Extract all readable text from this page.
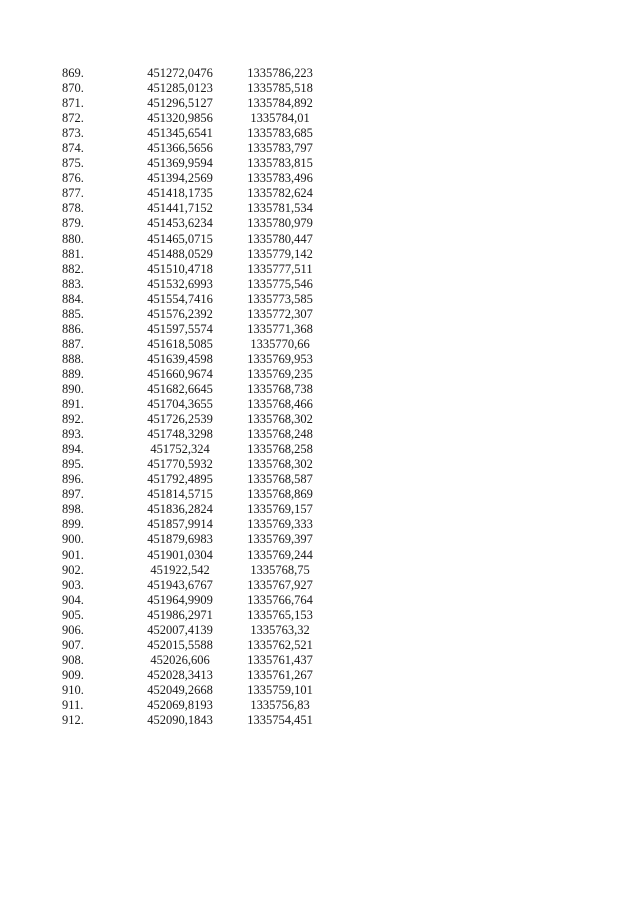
869.	451272,0476	1335786,223
870.	451285,0123	1335785,518
871.	451296,5127	1335784,892
872.	451320,9856	1335784,01
873.	451345,6541	1335783,685
874.	451366,5656	1335783,797
875.	451369,9594	1335783,815
876.	451394,2569	1335783,496
877.	451418,1735	1335782,624
878.	451441,7152	1335781,534
879.	451453,6234	1335780,979
880.	451465,0715	1335780,447
881.	451488,0529	1335779,142
882.	451510,4718	1335777,511
883.	451532,6993	1335775,546
884.	451554,7416	1335773,585
885.	451576,2392	1335772,307
886.	451597,5574	1335771,368
887.	451618,5085	1335770,66
888.	451639,4598	1335769,953
889.	451660,9674	1335769,235
890.	451682,6645	1335768,738
891.	451704,3655	1335768,466
892.	451726,2539	1335768,302
893.	451748,3298	1335768,248
894.	451752,324	1335768,258
895.	451770,5932	1335768,302
896.	451792,4895	1335768,587
897.	451814,5715	1335768,869
898.	451836,2824	1335769,157
899.	451857,9914	1335769,333
900.	451879,6983	1335769,397
901.	451901,0304	1335769,244
902.	451922,542	1335768,75
903.	451943,6767	1335767,927
904.	451964,9909	1335766,764
905.	451986,2971	1335765,153
906.	452007,4139	1335763,32
907.	452015,5588	1335762,521
908.	452026,606	1335761,437
909.	452028,3413	1335761,267
910.	452049,2668	1335759,101
911.	452069,8193	1335756,83
912.	452090,1843	1335754,451
